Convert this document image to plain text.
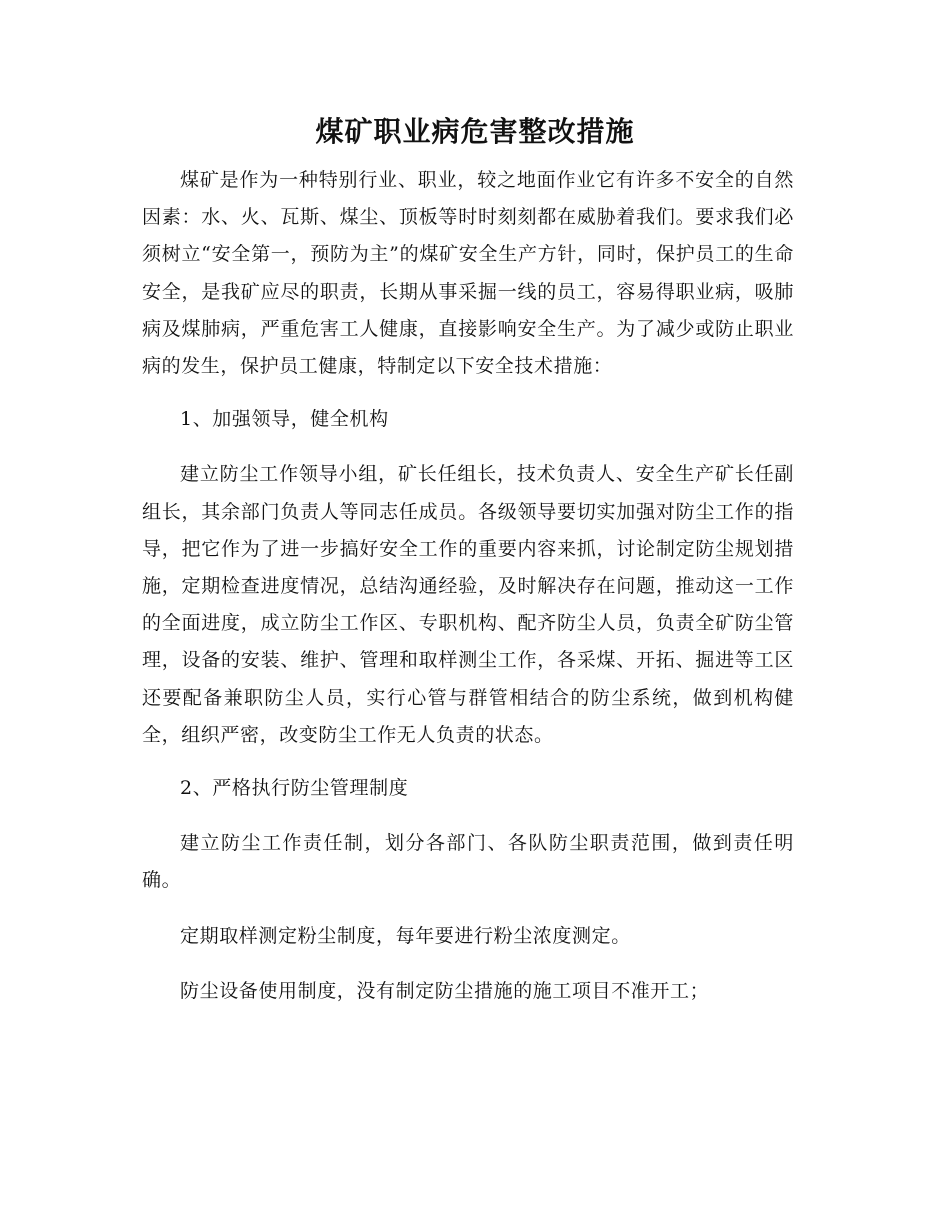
煤矿职业病危害整改措施

煤矿是作为一种特别行业、职业，较之地面作业它有许多不安全的自然因素：水、火、瓦斯、煤尘、顶板等时时刻刻都在威胁着我们。要求我们必须树立“安全第一，预防为主”的煤矿安全生产方针，同时，保护员工的生命安全，是我矿应尽的职责，长期从事采掘一线的员工，容易得职业病，吸肺病及煤肺病，严重危害工人健康，直接影响安全生产。为了减少或防止职业病的发生，保护员工健康，特制定以下安全技术措施：

1、加强领导，健全机构

建立防尘工作领导小组，矿长任组长，技术负责人、安全生产矿长任副组长，其余部门负责人等同志任成员。各级领导要切实加强对防尘工作的指导，把它作为了进一步搞好安全工作的重要内容来抓，讨论制定防尘规划措施，定期检查进度情况，总结沟通经验，及时解决存在问题，推动这一工作的全面进度，成立防尘工作区、专职机构、配齐防尘人员，负责全矿防尘管理，设备的安装、维护、管理和取样测尘工作，各采煤、开拓、掘进等工区还要配备兼职防尘人员，实行心管与群管相结合的防尘系统，做到机构健全，组织严密，改变防尘工作无人负责的状态。

2、严格执行防尘管理制度

建立防尘工作责任制，划分各部门、各队防尘职责范围，做到责任明确。

定期取样测定粉尘制度，每年要进行粉尘浓度测定。

防尘设备使用制度，没有制定防尘措施的施工项目不准开工；
